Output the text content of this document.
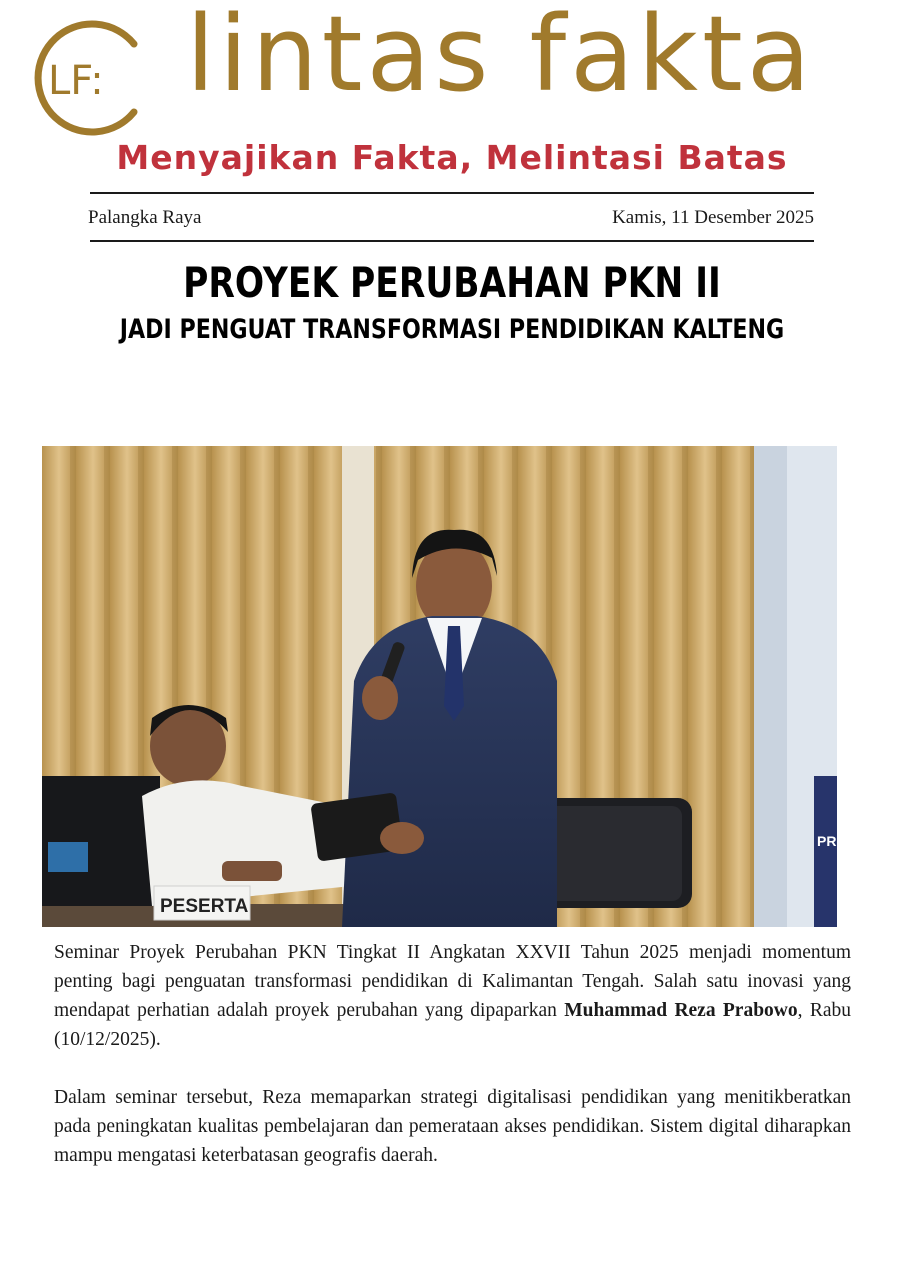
LF: lintas fakta
Menyajikan Fakta, Melintasi Batas
Palangka Raya	Kamis, 11 Desember 2025
PROYEK PERUBAHAN PKN II
JADI PENGUAT TRANSFORMASI PENDIDIKAN KALTENG
PR PK TA
PESERTA

Seminar Proyek Perubahan PKN Tingkat II Angkatan XXVII Tahun 2025 menjadi momentum penting bagi penguatan transformasi pendidikan di Kalimantan Tengah. Salah satu inovasi yang mendapat perhatian adalah proyek perubahan yang dipaparkan Muhammad Reza Prabowo, Rabu (10/12/2025).

Dalam seminar tersebut, Reza memaparkan strategi digitalisasi pendidikan yang menitikberatkan pada peningkatan kualitas pembelajaran dan pemerataan akses pendidikan. Sistem digital diharapkan mampu mengatasi keterbatasan geografis daerah.
